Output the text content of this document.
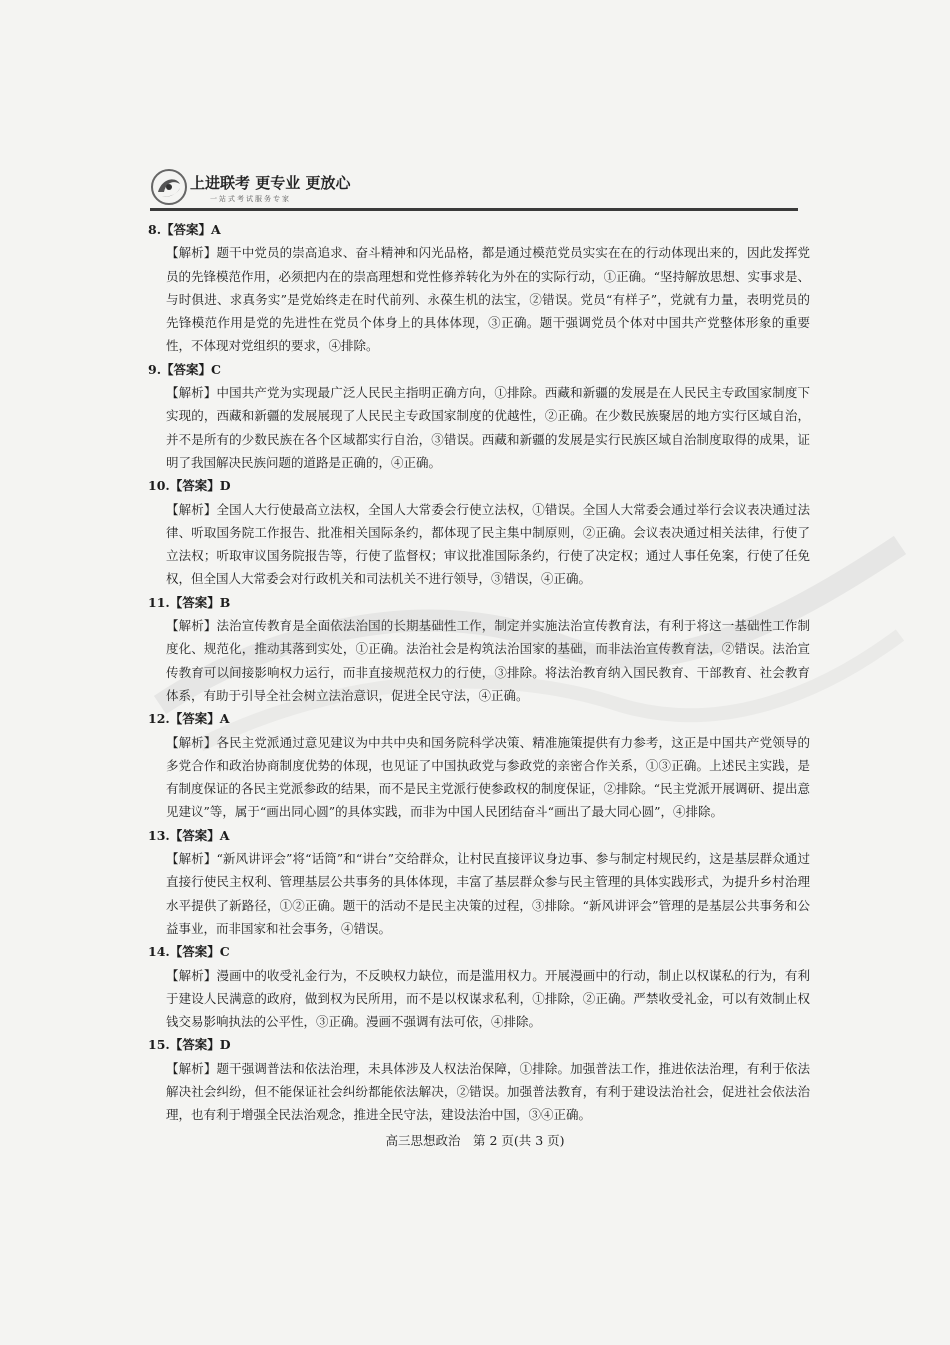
上进联考 更专业 更放心
一站式考试服务专家
8.【答案】A
【解析】题干中党员的崇高追求、奋斗精神和闪光品格，都是通过模范党员实实在在的行动体现出来的，因此发挥党员的先锋模范作用，必须把内在的崇高理想和党性修养转化为外在的实际行动，①正确。“坚持解放思想、实事求是、与时俱进、求真务实”是党始终走在时代前列、永葆生机的法宝，②错误。党员“有样子”，党就有力量，表明党员的先锋模范作用是党的先进性在党员个体身上的具体体现，③正确。题干强调党员个体对中国共产党整体形象的重要性，不体现对党组织的要求，④排除。
9.【答案】C
【解析】中国共产党为实现最广泛人民民主指明正确方向，①排除。西藏和新疆的发展是在人民民主专政国家制度下实现的，西藏和新疆的发展展现了人民民主专政国家制度的优越性，②正确。在少数民族聚居的地方实行区域自治，并不是所有的少数民族在各个区域都实行自治，③错误。西藏和新疆的发展是实行民族区域自治制度取得的成果，证明了我国解决民族问题的道路是正确的，④正确。
10.【答案】D
【解析】全国人大行使最高立法权，全国人大常委会行使立法权，①错误。全国人大常委会通过举行会议表决通过法律、听取国务院工作报告、批准相关国际条约，都体现了民主集中制原则，②正确。会议表决通过相关法律，行使了立法权；听取审议国务院报告等，行使了监督权；审议批准国际条约，行使了决定权；通过人事任免案，行使了任免权，但全国人大常委会对行政机关和司法机关不进行领导，③错误，④正确。
11.【答案】B
【解析】法治宣传教育是全面依法治国的长期基础性工作，制定并实施法治宣传教育法，有利于将这一基础性工作制度化、规范化，推动其落到实处，①正确。法治社会是构筑法治国家的基础，而非法治宣传教育法，②错误。法治宣传教育可以间接影响权力运行，而非直接规范权力的行使，③排除。将法治教育纳入国民教育、干部教育、社会教育体系，有助于引导全社会树立法治意识，促进全民守法，④正确。
12.【答案】A
【解析】各民主党派通过意见建议为中共中央和国务院科学决策、精准施策提供有力参考，这正是中国共产党领导的多党合作和政治协商制度优势的体现，也见证了中国执政党与参政党的亲密合作关系，①③正确。上述民主实践，是有制度保证的各民主党派参政的结果，而不是民主党派行使参政权的制度保证，②排除。“民主党派开展调研、提出意见建议”等，属于“画出同心圆”的具体实践，而非为中国人民团结奋斗“画出了最大同心圆”，④排除。
13.【答案】A
【解析】“新风讲评会”将“话筒”和“讲台”交给群众，让村民直接评议身边事、参与制定村规民约，这是基层群众通过直接行使民主权利、管理基层公共事务的具体体现，丰富了基层群众参与民主管理的具体实践形式，为提升乡村治理水平提供了新路径，①②正确。题干的活动不是民主决策的过程，③排除。“新风讲评会”管理的是基层公共事务和公益事业，而非国家和社会事务，④错误。
14.【答案】C
【解析】漫画中的收受礼金行为，不反映权力缺位，而是滥用权力。开展漫画中的行动，制止以权谋私的行为，有利于建设人民满意的政府，做到权为民所用，而不是以权谋求私利，①排除，②正确。严禁收受礼金，可以有效制止权钱交易影响执法的公平性，③正确。漫画不强调有法可依，④排除。
15.【答案】D
【解析】题干强调普法和依法治理，未具体涉及人权法治保障，①排除。加强普法工作，推进依法治理，有利于依法解决社会纠纷，但不能保证社会纠纷都能依法解决，②错误。加强普法教育，有利于建设法治社会，促进社会依法治理，也有利于增强全民法治观念，推进全民守法，建设法治中国，③④正确。
高三思想政治　第 2 页(共 3 页)
